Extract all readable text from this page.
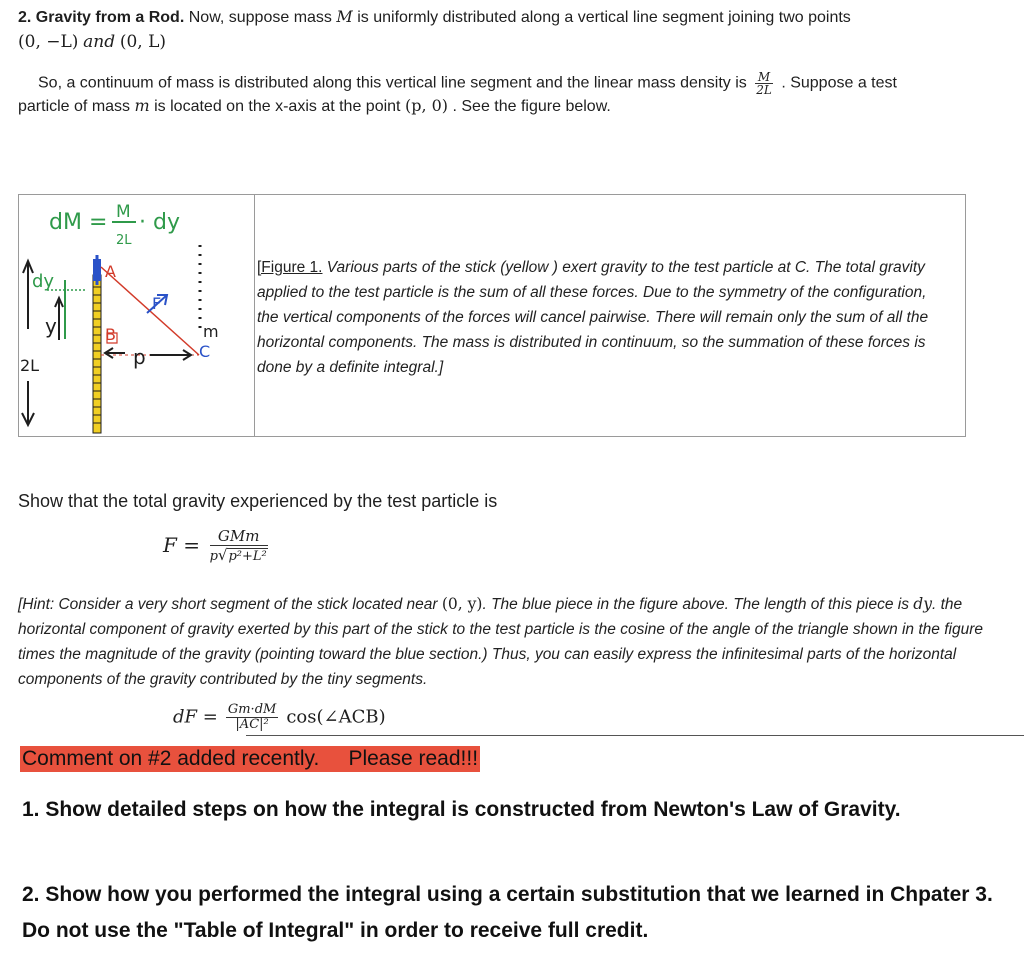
2. Gravity from a Rod. Now, suppose mass M is uniformly distributed along a vertical line segment joining two points
(0, −L) and (0, L)
So, a continuum of mass is distributed along this vertical line segment and the linear mass density is $\frac{M}{2L}$ . Suppose a test
particle of mass m is located on the x-axis at the point (p, 0) . See the figure below.
dM = M
2L
· dy
2L
dy
y
A
B
F
m
C
p
[Figure 1. Various parts of the stick (yellow ) exert gravity to the test particle at C. The total gravity applied to the test particle is the sum of all these forces. Due to the symmetry of the configuration, the vertical components of the forces will cancel pairwise. There will remain only the sum of all the horizontal components. The mass is distributed in continuum, so the summation of these forces is done by a definite integral.]
Show that the total gravity experienced by the test particle is
F =	GMm
p√p²+L²
[Hint: Consider a very short segment of the stick located near (0, y). The blue piece in the figure above. The length of this piece is dy. the horizontal component of gravity exerted by this part of the stick to the test particle is the cosine of the angle of the triangle shown in the figure times the magnitude of the gravity (pointing toward the blue section.) Thus, you can easily express the infinitesimal parts of the horizontal components of the gravity contributed by the tiny segments.
dF = $\frac{Gm\cdot dM}{\text{|AC|²}}$ cos(∠ACB)
Comment on #2 added recently.     Please read!!!
1. Show detailed steps on how the integral is constructed from Newton's Law of Gravity.
2. Show how you performed the integral using a certain substitution that we learned in Chpater 3. Do not use the "Table of Integral" in order to receive full credit.
